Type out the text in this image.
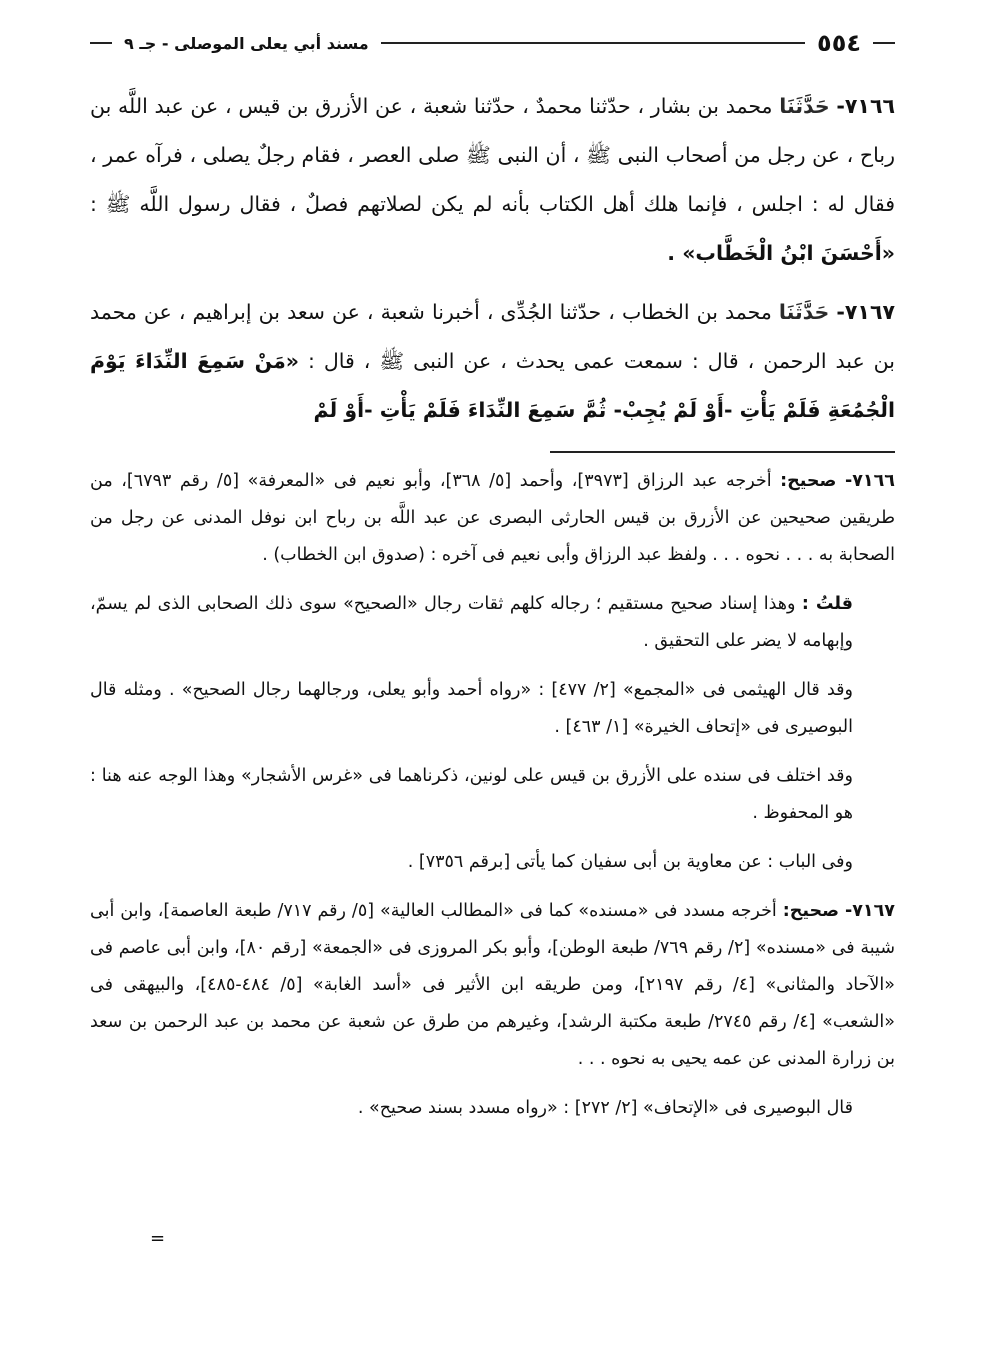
٥٥٤
مسند أبي يعلى الموصلى - جـ ٩

٧١٦٦- حَدَّثَنَا محمد بن بشار ، حدّثنا محمدٌ ، حدّثنا شعبة ، عن الأزرق بن قيس ، عن عبد اللَّه بن رباح ، عن رجل من أصحاب النبى ﷺ ، أن النبى ﷺ صلى العصر ، فقام رجلٌ يصلى ، فرآه عمر ، فقال له : اجلس ، فإنما هلك أهل الكتاب بأنه لم يكن لصلاتهم فصلٌ ، فقال رسول اللَّه ﷺ : «أَحْسَنَ ابْنُ الْخَطَّاب» .

٧١٦٧- حَدَّثَنَا محمد بن الخطاب ، حدّثنا الجُدِّى ، أخبرنا شعبة ، عن سعد بن إبراهيم ، عن محمد بن عبد الرحمن ، قال : سمعت عمى يحدث ، عن النبى ﷺ ، قال : «مَنْ سَمِعَ النِّدَاءَ يَوْمَ الْجُمُعَةِ فَلَمْ يَأْتِ -أَوْ لَمْ يُجِبْ- ثُمَّ سَمِعَ النِّدَاءَ فَلَمْ يَأْتِ -أَوْ لَمْ

٧١٦٦- صحيح: أخرجه عبد الرزاق [٣٩٧٣]، وأحمد [٥/ ٣٦٨]، وأبو نعيم فى «المعرفة» [٥/ رقم ٦٧٩٣]، من طريقين صحيحين عن الأزرق بن قيس الحارثى البصرى عن عبد اللَّه بن رباح ابن نوفل المدنى عن رجل من الصحابة به . . . نحوه . . . ولفظ عبد الرزاق وأبى نعيم فى آخره : (صدوق ابن الخطاب) .

قلتُ : وهذا إسناد صحيح مستقيم ؛ رجاله كلهم ثقات رجال «الصحيح» سوى ذلك الصحابى الذى لم يسمّ، وإبهامه لا يضر على التحقيق .

وقد قال الهيثمى فى «المجمع» [٢/ ٤٧٧] : «رواه أحمد وأبو يعلى، ورجالهما رجال الصحيح» . ومثله قال البوصيرى فى «إتحاف الخيرة» [١/ ٤٦٣] .

وقد اختلف فى سنده على الأزرق بن قيس على لونين، ذكرناهما فى «غرس الأشجار» وهذا الوجه عنه هنا : هو المحفوظ .

وفى الباب : عن معاوية بن أبى سفيان كما يأتى [برقم ٧٣٥٦] .

٧١٦٧- صحيح: أخرجه مسدد فى «مسنده» كما فى «المطالب العالية» [٥/ رقم ٧١٧/ طبعة العاصمة]، وابن أبى شيبة فى «مسنده» [٢/ رقم ٧٦٩/ طبعة الوطن]، وأبو بكر المروزى فى «الجمعة» [رقم ٨٠]، وابن أبى عاصم فى «الآحاد والمثانى» [٤/ رقم ٢١٩٧]، ومن طريقه ابن الأثير فى «أسد الغابة» [٥/ ٤٨٤-٤٨٥]، والبيهقى فى «الشعب» [٤/ رقم ٢٧٤٥/ طبعة مكتبة الرشد]، وغيرهم من طرق عن شعبة عن محمد بن عبد الرحمن بن سعد بن زرارة المدنى عن عمه يحيى به نحوه . . .

قال البوصيرى فى «الإتحاف» [٢/ ٢٧٢] : «رواه مسدد بسند صحيح» .

=
